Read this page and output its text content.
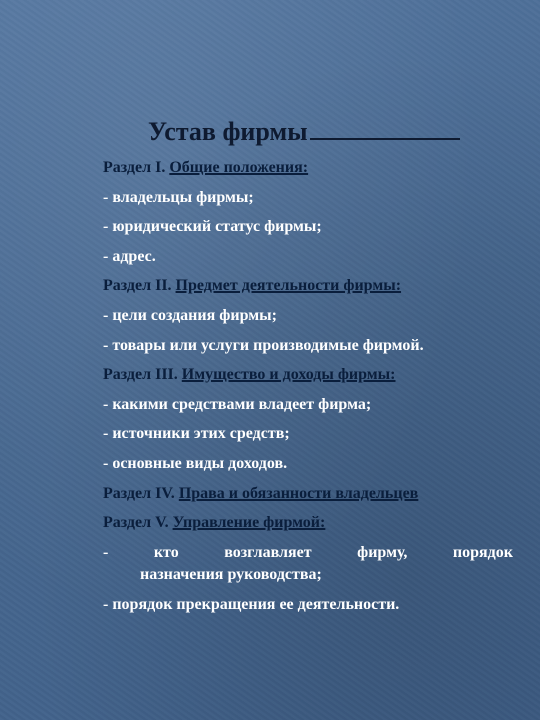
Устав фирмы
Раздел I. Общие положения:
- владельцы фирмы;
- юридический статус фирмы;
- адрес.
Раздел II. Предмет деятельности фирмы:
- цели создания фирмы;
- товары или услуги производимые фирмой.
Раздел III. Имущество и доходы фирмы:
- какими средствами владеет фирма;
- источники этих средств;
- основные виды доходов.
Раздел IV. Права и обязанности владельцев
Раздел V. Управление фирмой:
-	кто	возглавляет	фирму,	порядок
назначения руководства;
- порядок прекращения ее деятельности.
